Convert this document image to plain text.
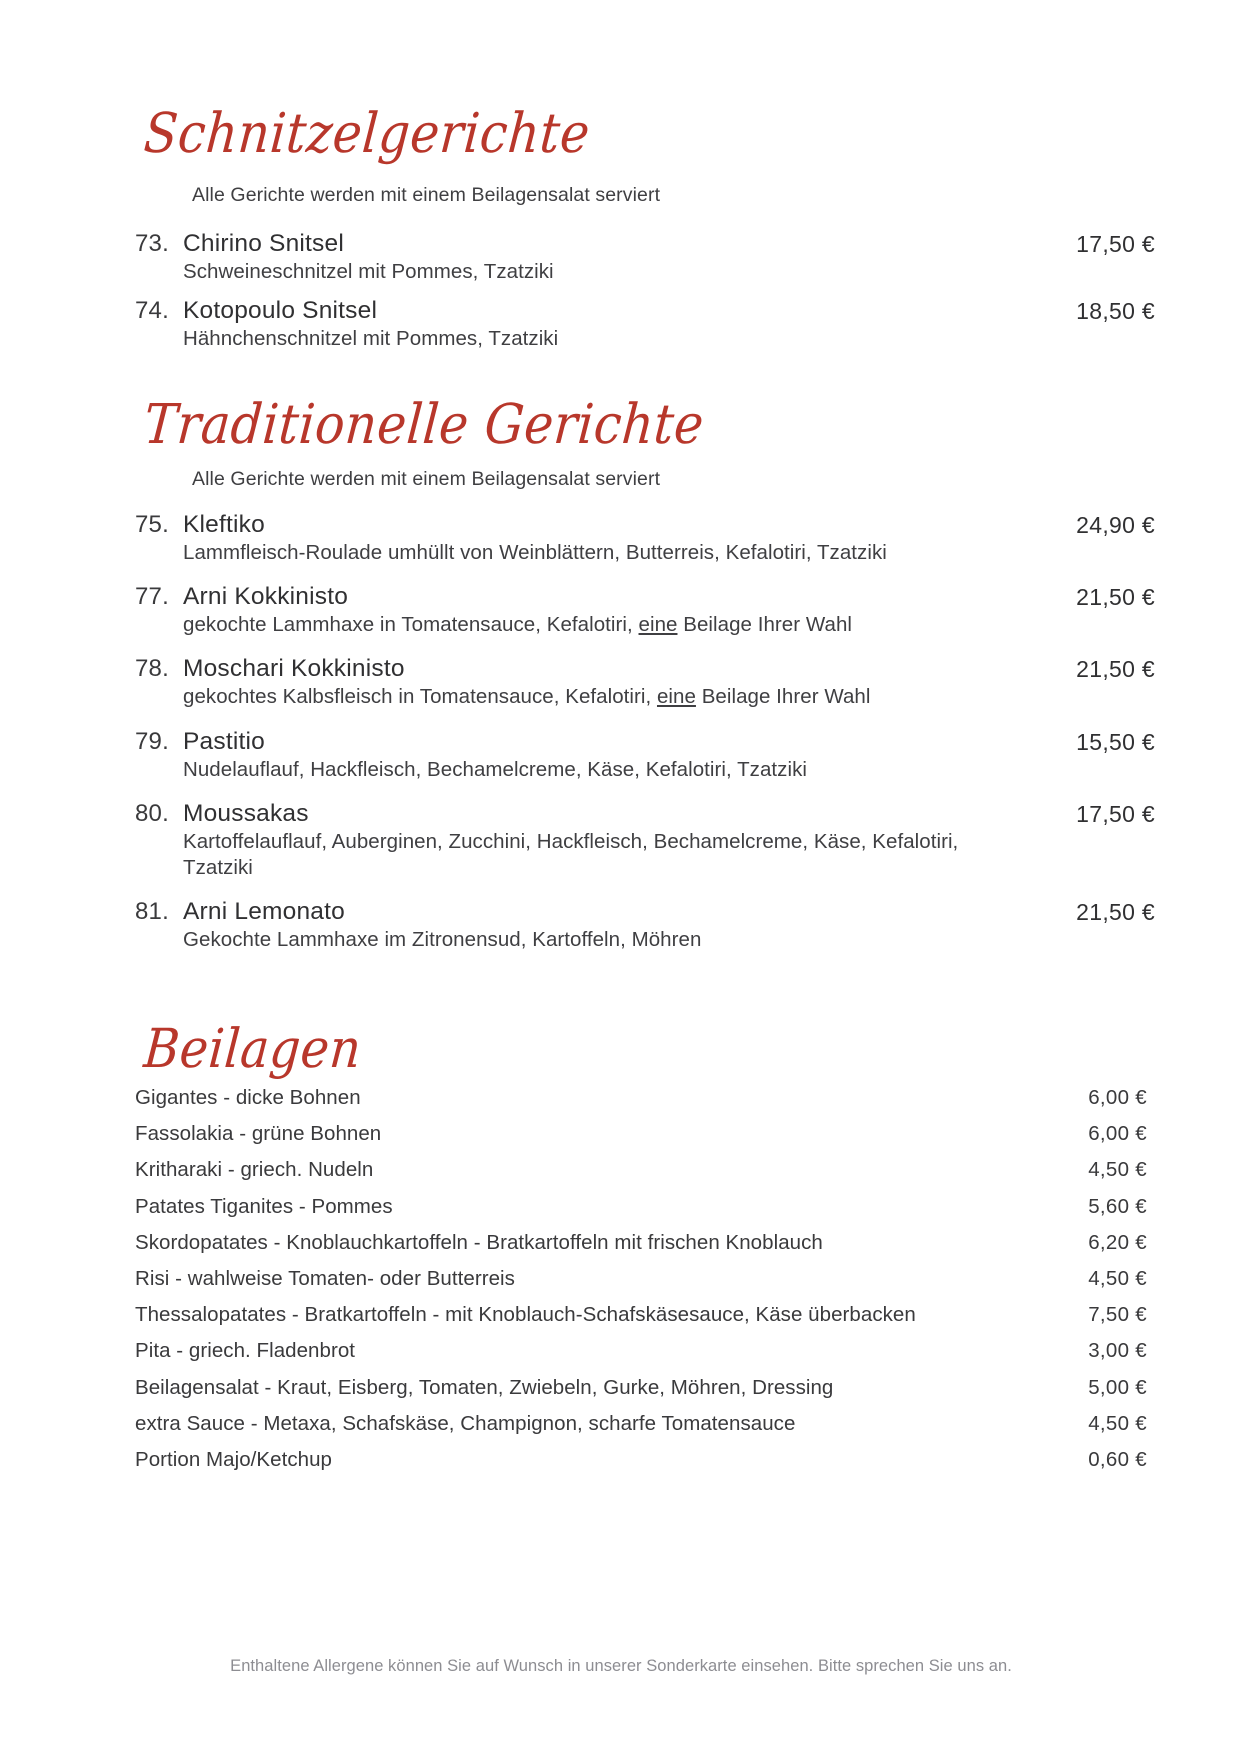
Schnitzelgerichte
Alle Gerichte werden mit einem Beilagensalat serviert
73. Chirino Snitsel	17,50 €
Schweineschnitzel mit Pommes, Tzatziki
74. Kotopoulo Snitsel	18,50 €
Hähnchenschnitzel mit Pommes, Tzatziki
Traditionelle Gerichte
Alle Gerichte werden mit einem Beilagensalat serviert
75. Kleftiko	24,90 €
Lammfleisch-Roulade umhüllt von Weinblättern, Butterreis, Kefalotiri, Tzatziki
77. Arni Kokkinisto	21,50 €
gekochte Lammhaxe in Tomatensauce, Kefalotiri, eine Beilage Ihrer Wahl
78. Moschari Kokkinisto	21,50 €
gekochtes Kalbsfleisch in Tomatensauce, Kefalotiri, eine Beilage Ihrer Wahl
79. Pastitio	15,50 €
Nudelauflauf, Hackfleisch, Bechamelcreme, Käse, Kefalotiri, Tzatziki
80. Moussakas	17,50 €
Kartoffelauflauf, Auberginen, Zucchini, Hackfleisch, Bechamelcreme, Käse, Kefalotiri, Tzatziki
81. Arni Lemonato	21,50 €
Gekochte Lammhaxe im Zitronensud, Kartoffeln, Möhren
Beilagen
Gigantes - dicke Bohnen	6,00 €
Fassolakia - grüne Bohnen	6,00 €
Kritharaki - griech. Nudeln	4,50 €
Patates Tiganites - Pommes	5,60 €
Skordopatates - Knoblauchkartoffeln - Bratkartoffeln mit frischen Knoblauch	6,20 €
Risi - wahlweise Tomaten- oder Butterreis	4,50 €
Thessalopatates - Bratkartoffeln - mit Knoblauch-Schafskäsesauce, Käse überbacken	7,50 €
Pita - griech. Fladenbrot	3,00 €
Beilagensalat - Kraut, Eisberg, Tomaten, Zwiebeln, Gurke, Möhren, Dressing	5,00 €
extra Sauce - Metaxa, Schafskäse, Champignon, scharfe Tomatensauce	4,50 €
Portion Majo/Ketchup	0,60 €
Enthaltene Allergene können Sie auf Wunsch in unserer Sonderkarte einsehen. Bitte sprechen Sie uns an.
